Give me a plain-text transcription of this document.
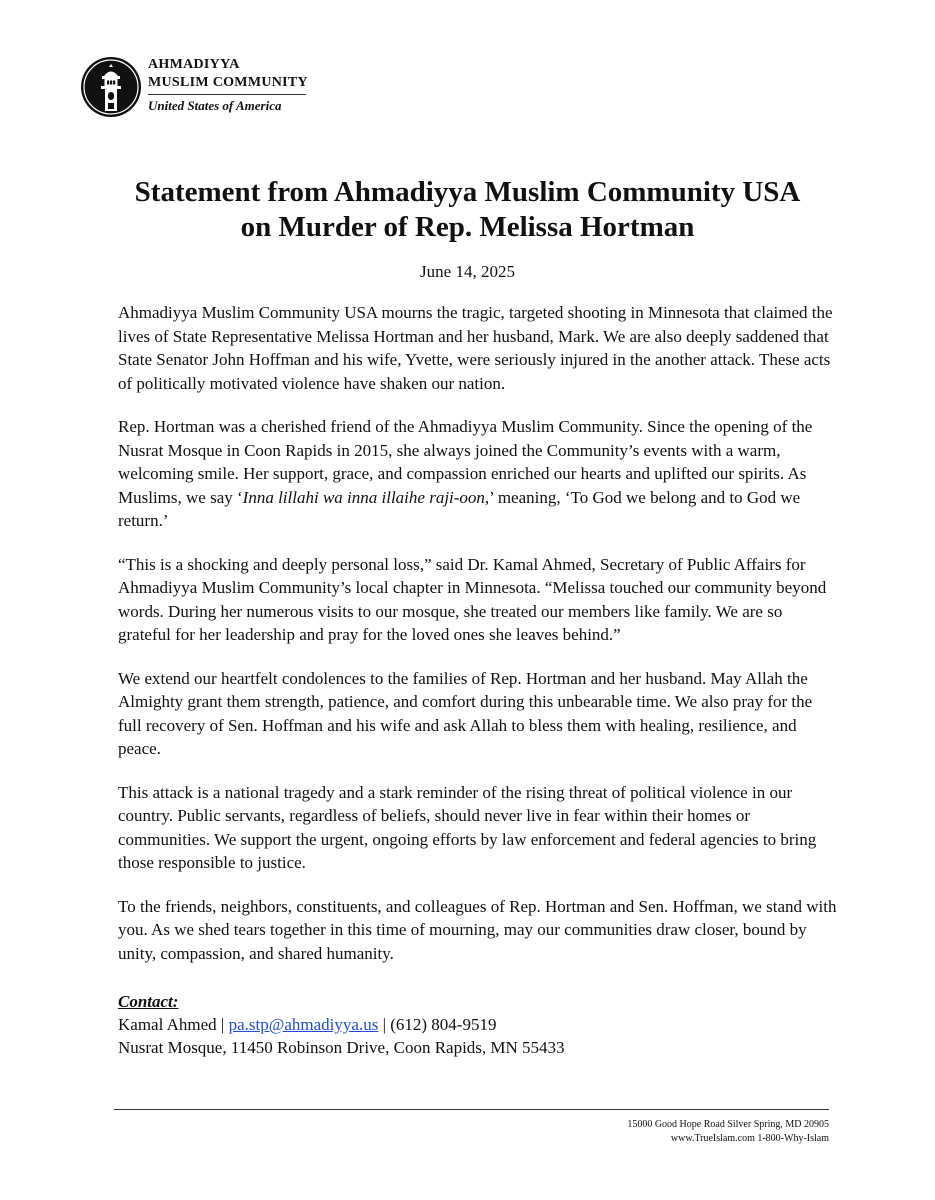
AHMADIYYA
MUSLIM COMMUNITY
United States of America
Statement from Ahmadiyya Muslim Community USA
on Murder of Rep. Melissa Hortman
June 14, 2025

Ahmadiyya Muslim Community USA mourns the tragic, targeted shooting in Minnesota that claimed the lives of State Representative Melissa Hortman and her husband, Mark. We are also deeply saddened that State Senator John Hoffman and his wife, Yvette, were seriously injured in the another attack. These acts of politically motivated violence have shaken our nation.

Rep. Hortman was a cherished friend of the Ahmadiyya Muslim Community. Since the opening of the Nusrat Mosque in Coon Rapids in 2015, she always joined the Community’s events with a warm, welcoming smile. Her support, grace, and compassion enriched our hearts and uplifted our spirits. As Muslims, we say ‘Inna lillahi wa inna illaihe raji-oon,’ meaning, ‘To God we belong and to God we return.’

“This is a shocking and deeply personal loss,” said Dr. Kamal Ahmed, Secretary of Public Affairs for Ahmadiyya Muslim Community’s local chapter in Minnesota. “Melissa touched our community beyond words. During her numerous visits to our mosque, she treated our members like family. We are so grateful for her leadership and pray for the loved ones she leaves behind.”

We extend our heartfelt condolences to the families of Rep. Hortman and her husband. May Allah the Almighty grant them strength, patience, and comfort during this unbearable time. We also pray for the full recovery of Sen. Hoffman and his wife and ask Allah to bless them with healing, resilience, and peace.

This attack is a national tragedy and a stark reminder of the rising threat of political violence in our country. Public servants, regardless of beliefs, should never live in fear within their homes or communities. We support the urgent, ongoing efforts by law enforcement and federal agencies to bring those responsible to justice.

To the friends, neighbors, constituents, and colleagues of Rep. Hortman and Sen. Hoffman, we stand with you. As we shed tears together in this time of mourning, may our communities draw closer, bound by unity, compassion, and shared humanity.

Contact:
Kamal Ahmed | pa.stp@ahmadiyya.us | (612) 804-9519
Nusrat Mosque, 11450 Robinson Drive, Coon Rapids, MN 55433
15000 Good Hope Road Silver Spring, MD 20905
www.TrueIslam.com 1-800-Why-Islam
